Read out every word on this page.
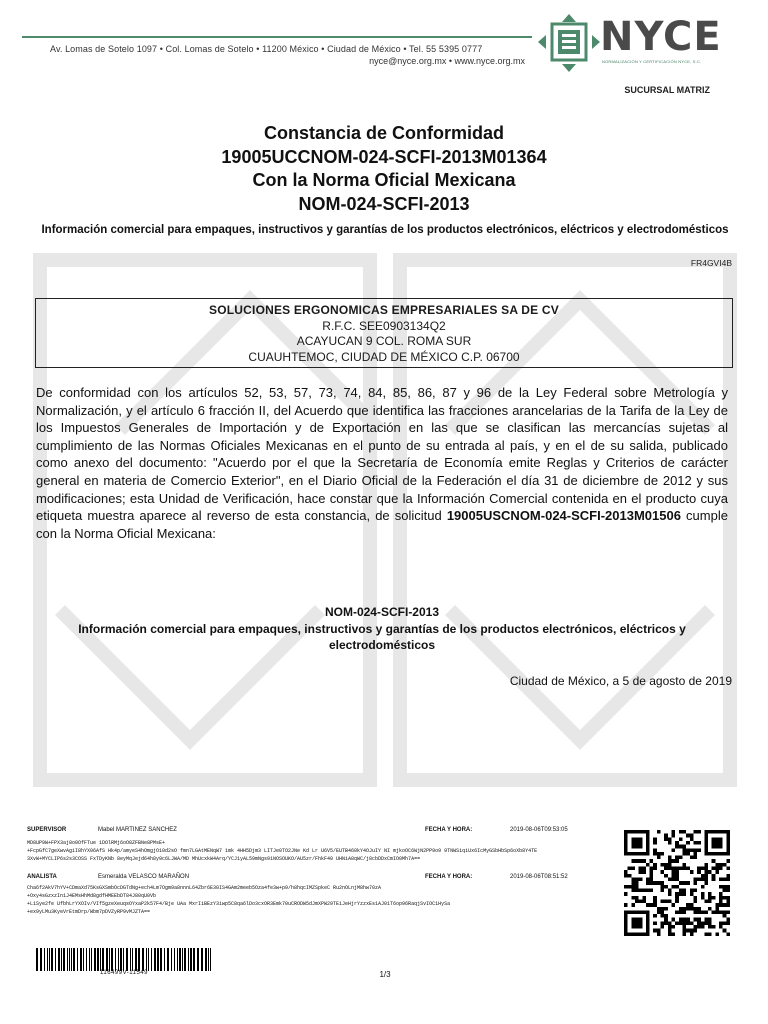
Av. Lomas de Sotelo 1097 • Col. Lomas de Sotelo • 11200 México • Ciudad de México • Tel. 55 5395 0777
nyce@nyce.org.mx • www.nyce.org.mx
NYCE
NORMALIZACIÓN Y CERTIFICACIÓN NYCE, S.C.
SUCURSAL MATRIZ
Constancia de Conformidad
19005UCCNOM-024-SCFI-2013M01364
Con la Norma Oficial Mexicana
NOM-024-SCFI-2013
Información comercial para empaques, instructivos y garantías de los productos electrónicos, eléctricos y electrodomésticos
FR4GVI4B
SOLUCIONES ERGONOMICAS EMPRESARIALES SA DE CV
R.F.C. SEE0903134Q2
ACAYUCAN 9 COL. ROMA SUR
CUAUHTEMOC, CIUDAD DE MÉXICO C.P. 06700
De conformidad con los artículos 52, 53, 57, 73, 74, 84, 85, 86, 87 y 96 de la Ley Federal sobre Metrología y Normalización, y el artículo 6 fracción II, del Acuerdo que identifica las fracciones arancelarias de la Tarifa de la Ley de los Impuestos Generales de Importación y de Exportación en las que se clasifican las mercancías sujetas al cumplimiento de las Normas Oficiales Mexicanas en el punto de su entrada al país, y en el de su salida, publicado como anexo del documento: "Acuerdo por el que la Secretaría de Economía emite Reglas y Criterios de carácter general en materia de Comercio Exterior", en el Diario Oficial de la Federación el día 31 de diciembre de 2012 y sus modificaciones; esta Unidad de Verificación, hace constar que la Información Comercial contenida en el producto cuya etiqueta muestra aparece al reverso de esta constancia, de solicitud 19005USCNOM-024-SCFI-2013M01506 cumple con la Norma Oficial Mexicana:
NOM-024-SCFI-2013
Información comercial para empaques, instructivos y garantías de los productos electrónicos, eléctricos y electrodomésticos
Ciudad de México, a 5 de agosto de 2019
SUPERVISOR	Mabel MARTINEZ SANCHEZ	FECHA Y HORA:	2019-08-06T09:53:05
MD8UP9W+FPX3aj8o0OfFTue 1DOlRMj6oO8ZFBNe8PMsE+
+FcpGfC7geXwvAgiI8hYX06AfS Hk4p/amyeS4hOmgjO10d2sO fmn7LGAtMENqW7 1mk 4HH5Djm3 LITJe0TO2JNe Kd Lr U6V5/EUTB460kY4OJuIY NI mjkoOC6WjN2PP9o9 9TNWSiqiUx6IcMyGSbHbSp6oXb8Y4TE
3XvW+MYCLIP6s2s3COSS FxTDyKNb 8eyMqJejd64h8y9c6LJWA/MD MhUcxkW4Arq/YCJ1yAL59mNgs91NOSOUKO/AU5zr/FhkF40 UHNiA8qWC/j8cbDDxCmIO0Mh7A==
ANALISTA	Esmeralda VELASCO MARAÑON	FECHA Y HORA:	2019-08-06T08:51:52
Cha6f2AkV7hYV+CDmaXd75KsGXSmbOcDGTdNg+ech4Lm7Ogm9a8nnnL64Zbr6E30IS4GAm2meeb5Oza4fe3w+p9/h8hqcIMZSpkeC Ru2nOLnjM8hw70zA
+Oxy4sGzxzIn1J4EMsHhMd8gdfHMEEbDT84J80qU0Vb
+L1Sye2fe UfbhLrYXOIv/VIf5gzeXeuqsOYxaP2k57F4/Bje UAa MxrIiBEzY3iwp5C8qa6lDo3cxOR3Emk70uCRODW5dJmXPW29TEiJeHjrYzzxEs1AJ01T6op96RaqjSvIOC1HySa
+ex9yLMu3KyeVrEtmDrp/Wbm7pDVZyRP9vMJZTA==
116499V-11549	1/3
